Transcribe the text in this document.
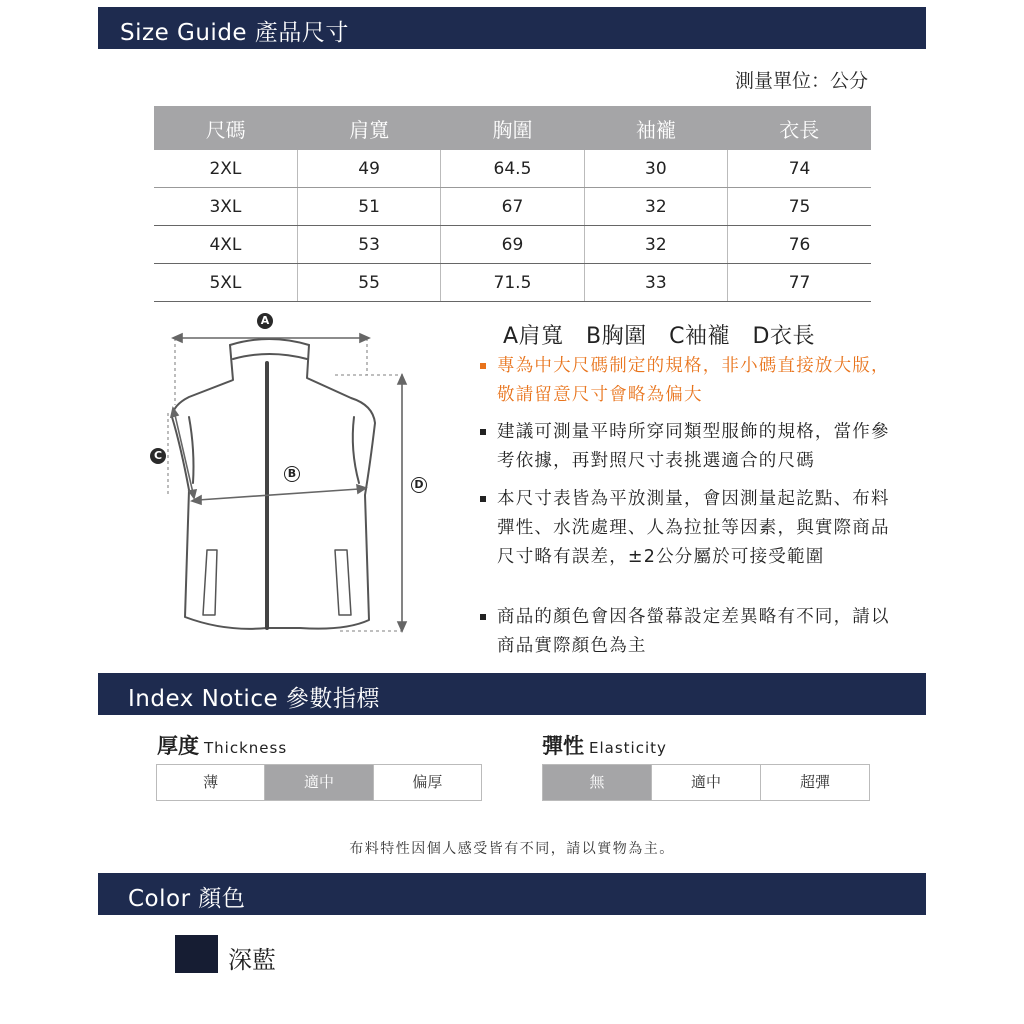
Size Guide 產品尺寸
測量單位：公分
尺碼	肩寬	胸圍	袖襱	衣長
2XL	49	64.5	30	74
3XL	51	67	32	75
4XL	53	69	32	76
5XL	55	71.5	33	77
A
C
B
D
A肩寬　B胸圍　C袖襱　D衣長
專為中大尺碼制定的規格，非小碼直接放大版，敬請留意尺寸會略為偏大
建議可測量平時所穿同類型服飾的規格，當作參考依據，再對照尺寸表挑選適合的尺碼
本尺寸表皆為平放測量，會因測量起訖點、布料彈性、水洗處理、人為拉扯等因素，與實際商品尺寸略有誤差，±2公分屬於可接受範圍
商品的顏色會因各螢幕設定差異略有不同，請以商品實際顏色為主
Index Notice 參數指標
厚度 Thickness
薄	適中	偏厚
彈性 Elasticity
無	適中	超彈
布料特性因個人感受皆有不同，請以實物為主。
Color 顏色
深藍
